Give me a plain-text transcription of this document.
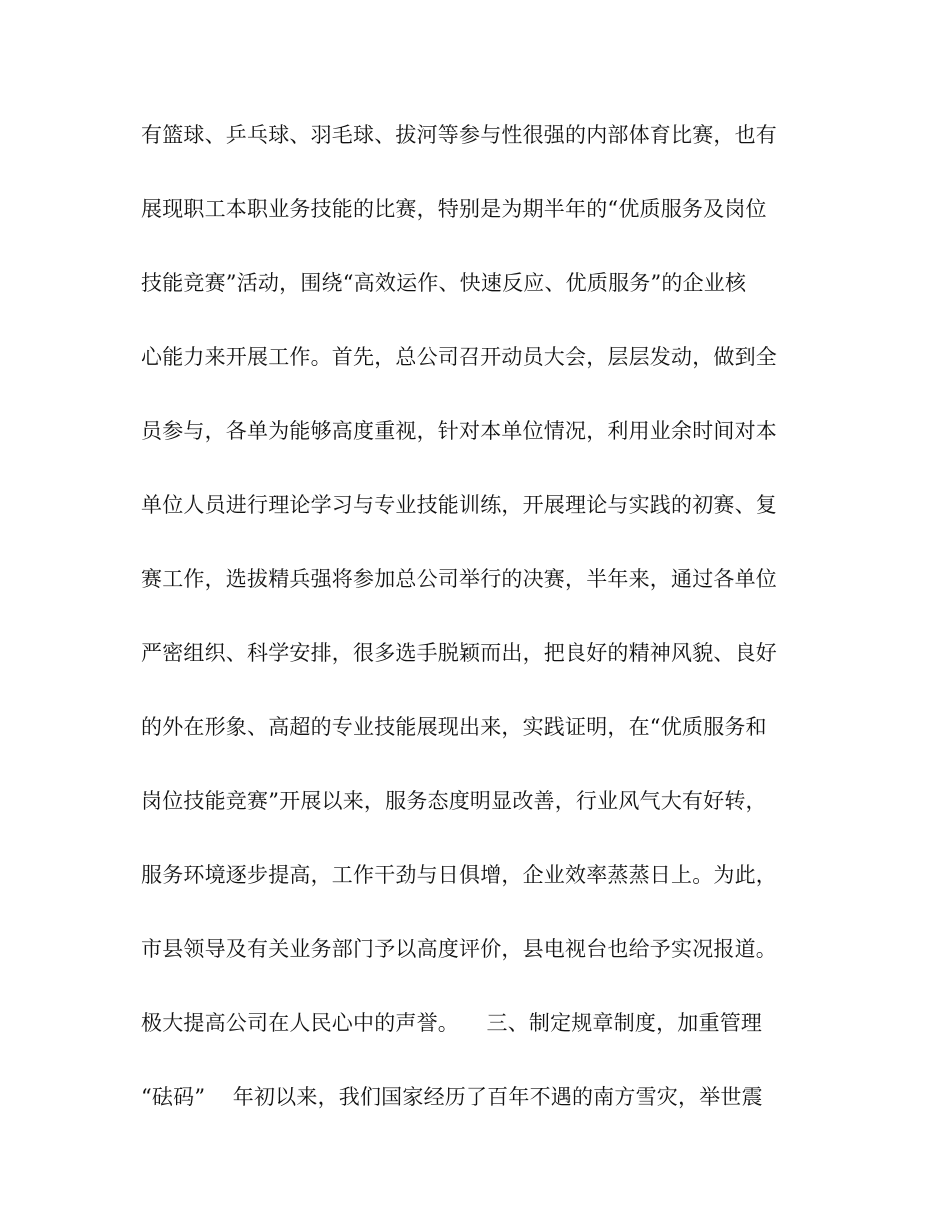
有篮球、乒乓球、羽毛球、拔河等参与性很强的内部体育比赛，也有
展现职工本职业务技能的比赛，特别是为期半年的“优质服务及岗位
技能竞赛”活动，围绕“高效运作、快速反应、优质服务”的企业核
心能力来开展工作。首先，总公司召开动员大会，层层发动，做到全
员参与，各单为能够高度重视，针对本单位情况，利用业余时间对本
单位人员进行理论学习与专业技能训练，开展理论与实践的初赛、复
赛工作，选拔精兵强将参加总公司举行的决赛，半年来，通过各单位
严密组织、科学安排，很多选手脱颖而出，把良好的精神风貌、良好
的外在形象、高超的专业技能展现出来，实践证明，在“优质服务和
岗位技能竞赛”开展以来，服务态度明显改善，行业风气大有好转，
服务环境逐步提高，工作干劲与日俱增，企业效率蒸蒸日上。为此，
市县领导及有关业务部门予以高度评价，县电视台也给予实况报道。
极大提高公司在人民心中的声誉。    三、制定规章制度，加重管理
“砝码”    年初以来，我们国家经历了百年不遇的南方雪灾，举世震
